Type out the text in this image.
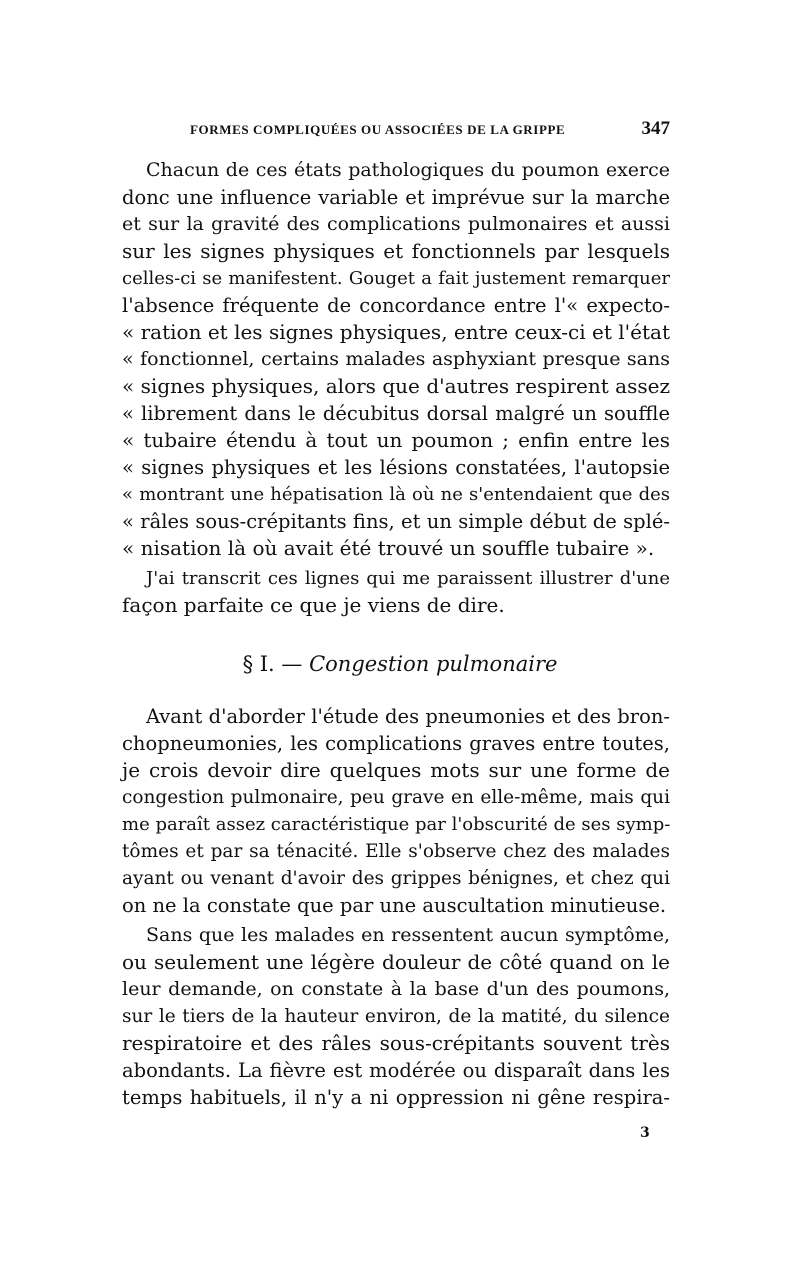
FORMES COMPLIQUÉES OU ASSOCIÉES DE LA GRIPPE	347
Chacun de ces états pathologiques du poumon exerce
donc une influence variable et imprévue sur la marche
et sur la gravité des complications pulmonaires et aussi
sur les signes physiques et fonctionnels par lesquels
celles-ci se manifestent. Gouget a fait justement remarquer
l'absence fréquente de concordance entre l'« expecto-
« ration et les signes physiques, entre ceux-ci et l'état
« fonctionnel, certains malades asphyxiant presque sans
« signes physiques, alors que d'autres respirent assez
« librement dans le décubitus dorsal malgré un souffle
« tubaire étendu à tout un poumon ; enfin entre les
« signes physiques et les lésions constatées, l'autopsie
« montrant une hépatisation là où ne s'entendaient que des
« râles sous-crépitants fins, et un simple début de splé-
« nisation là où avait été trouvé un souffle tubaire ».
J'ai transcrit ces lignes qui me paraissent illustrer d'une
façon parfaite ce que je viens de dire.
§ I. — Congestion pulmonaire
Avant d'aborder l'étude des pneumonies et des bron-
chopneumonies, les complications graves entre toutes,
je crois devoir dire quelques mots sur une forme de
congestion pulmonaire, peu grave en elle-même, mais qui
me paraît assez caractéristique par l'obscurité de ses symp-
tômes et par sa ténacité. Elle s'observe chez des malades
ayant ou venant d'avoir des grippes bénignes, et chez qui
on ne la constate que par une auscultation minutieuse.
Sans que les malades en ressentent aucun symptôme,
ou seulement une légère douleur de côté quand on le
leur demande, on constate à la base d'un des poumons,
sur le tiers de la hauteur environ, de la matité, du silence
respiratoire et des râles sous-crépitants souvent très
abondants. La fièvre est modérée ou disparaît dans les
temps habituels, il n'y a ni oppression ni gêne respira-
3
